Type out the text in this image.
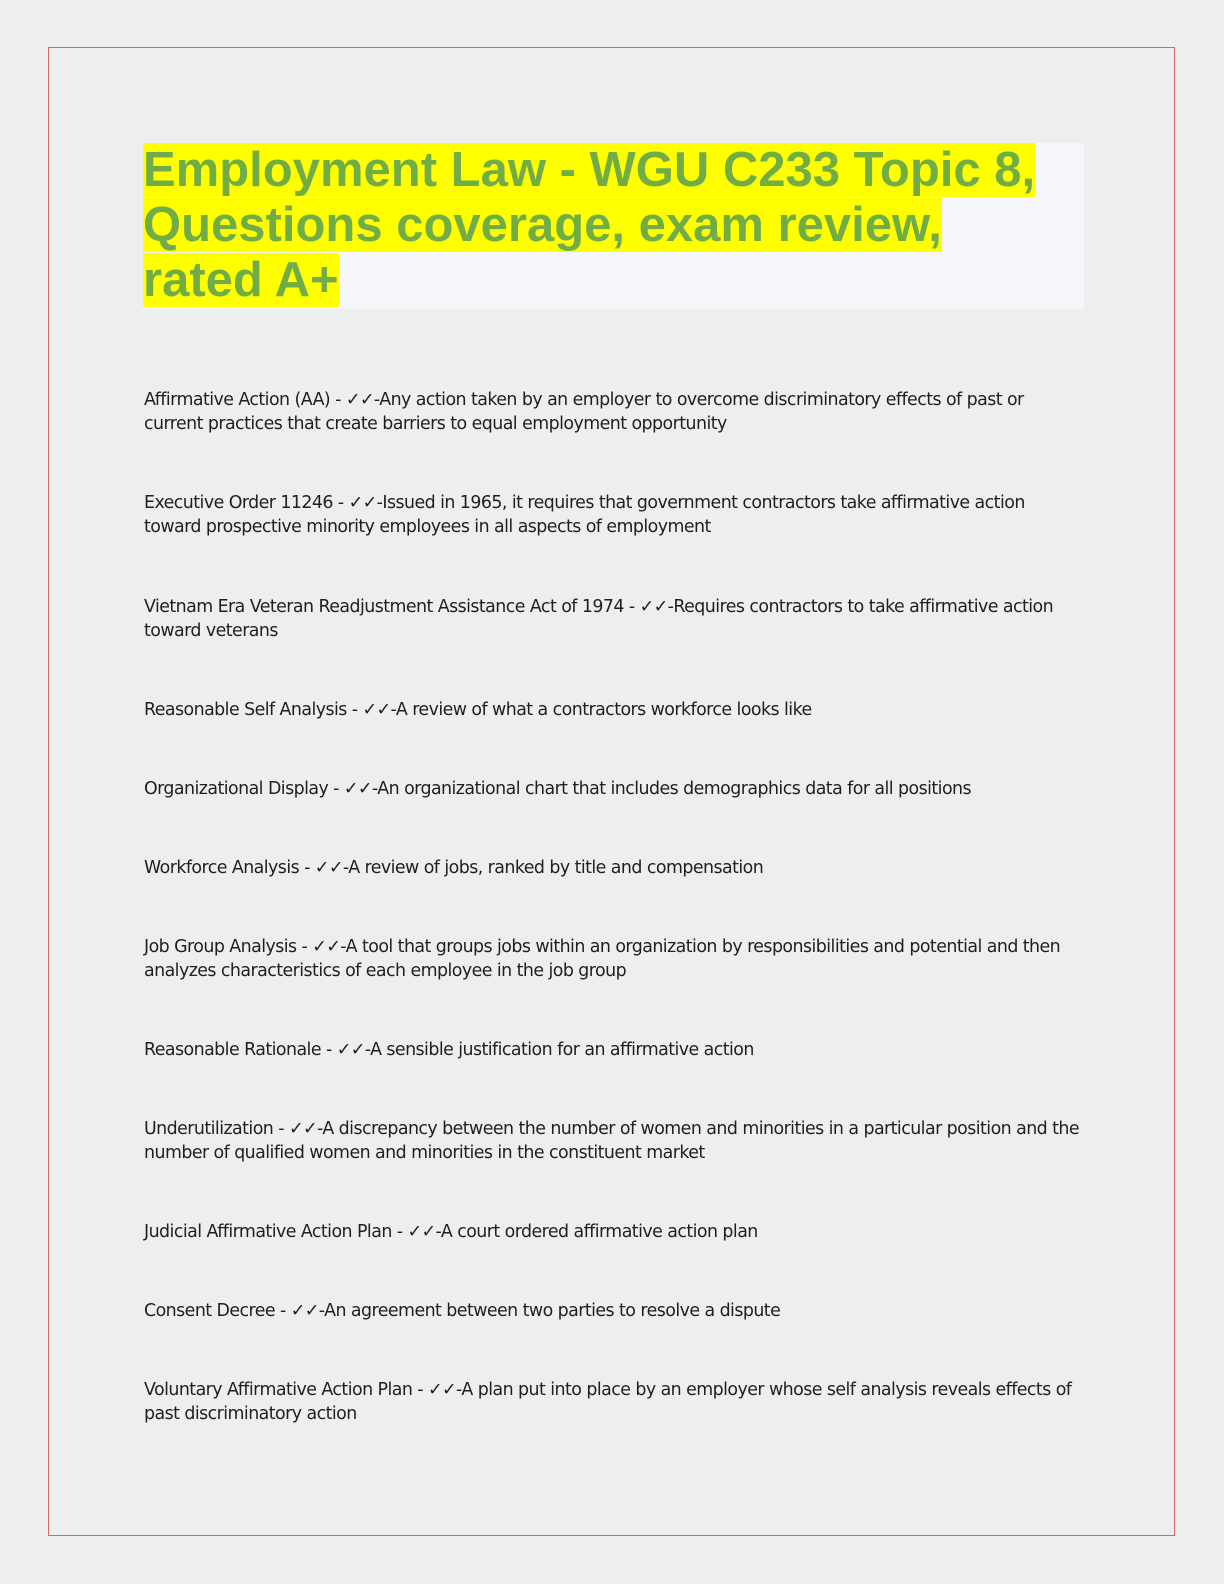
Employment Law - WGU C233 Topic 8, Questions coverage, exam review, rated A+
Affirmative Action (AA) - ✓✓-Any action taken by an employer to overcome discriminatory effects of past or current practices that create barriers to equal employment opportunity
Executive Order 11246 - ✓✓-Issued in 1965, it requires that government contractors take affirmative action toward prospective minority employees in all aspects of employment
Vietnam Era Veteran Readjustment Assistance Act of 1974 - ✓✓-Requires contractors to take affirmative action toward veterans
Reasonable Self Analysis - ✓✓-A review of what a contractors workforce looks like
Organizational Display - ✓✓-An organizational chart that includes demographics data for all positions
Workforce Analysis - ✓✓-A review of jobs, ranked by title and compensation
Job Group Analysis - ✓✓-A tool that groups jobs within an organization by responsibilities and potential and then analyzes characteristics of each employee in the job group
Reasonable Rationale - ✓✓-A sensible justification for an affirmative action
Underutilization - ✓✓-A discrepancy between the number of women and minorities in a particular position and the number of qualified women and minorities in the constituent market
Judicial Affirmative Action Plan - ✓✓-A court ordered affirmative action plan
Consent Decree - ✓✓-An agreement between two parties to resolve a dispute
Voluntary Affirmative Action Plan - ✓✓-A plan put into place by an employer whose self analysis reveals effects of past discriminatory action
